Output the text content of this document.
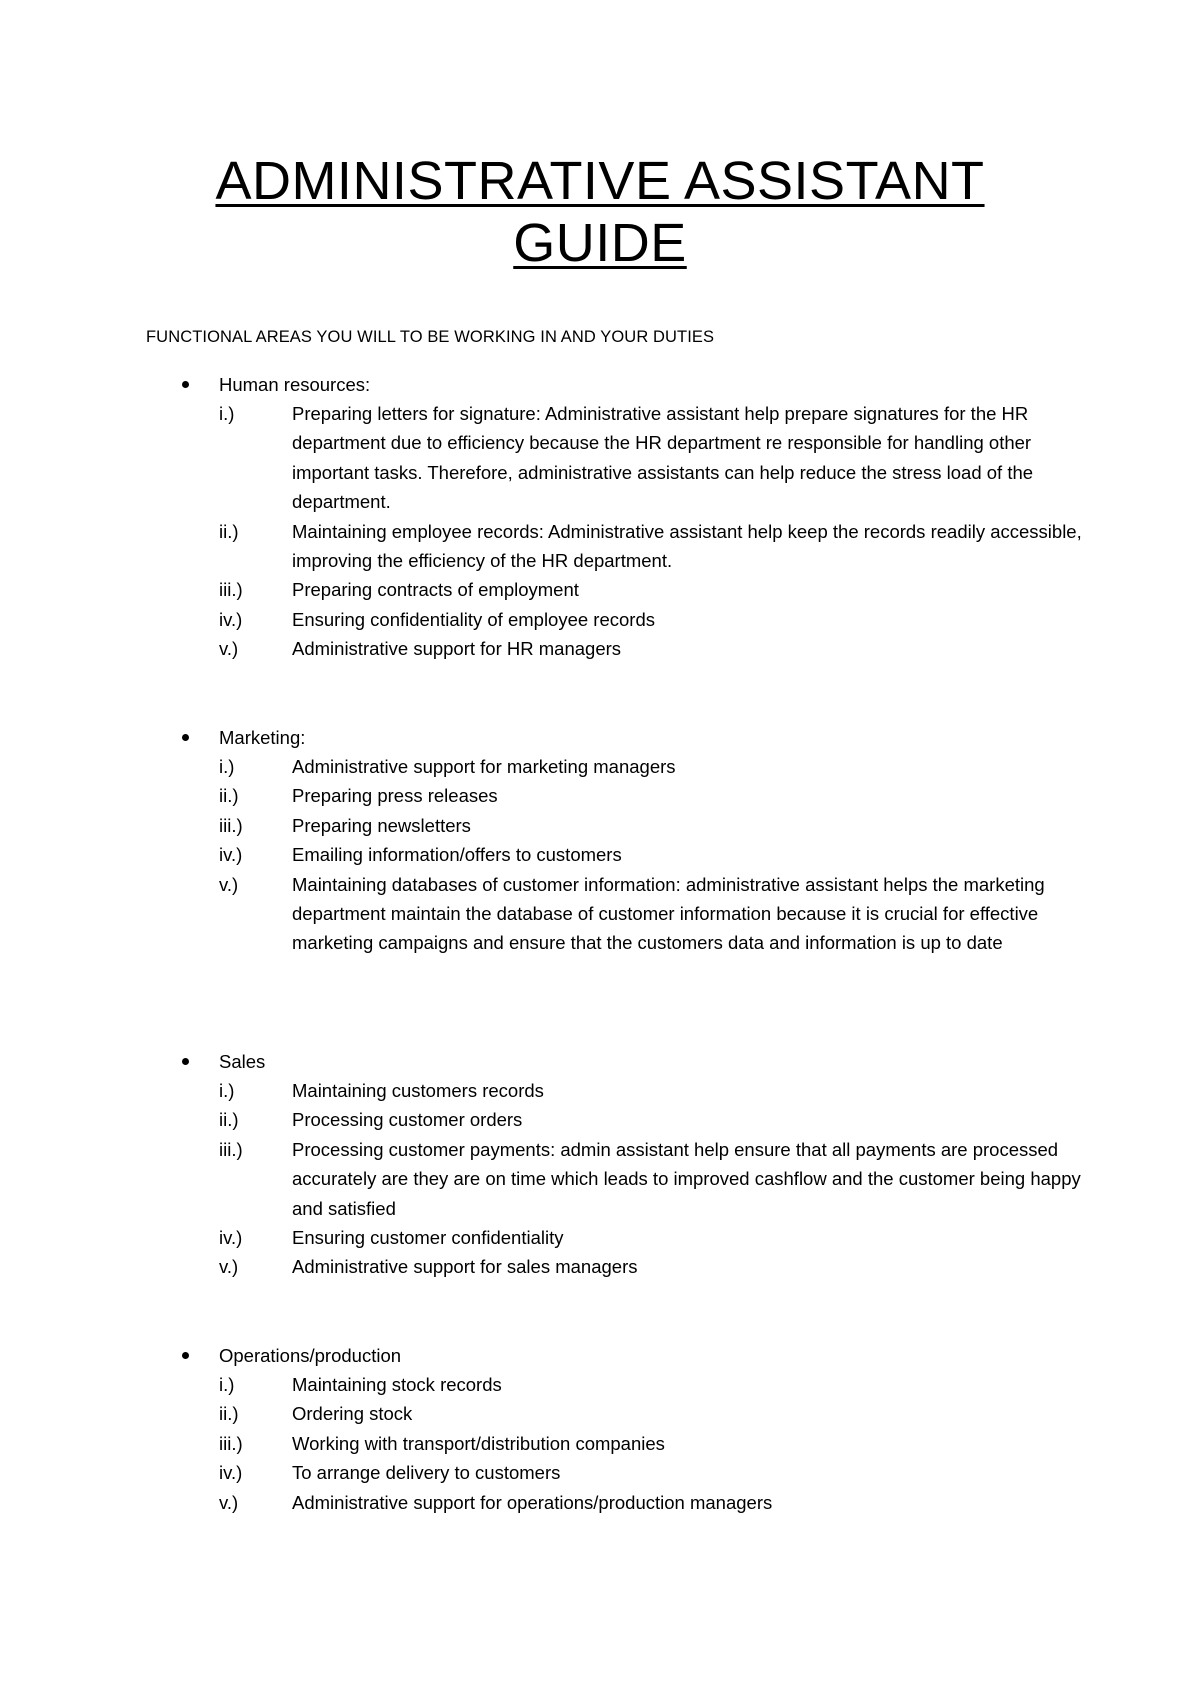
ADMINISTRATIVE ASSISTANT
GUIDE

FUNCTIONAL AREAS YOU WILL TO BE WORKING IN AND YOUR DUTIES

Human resources:
i.)	Preparing letters for signature: Administrative assistant help prepare signatures for the HR department due to efficiency because the HR department re responsible for handling other important tasks. Therefore, administrative assistants can help reduce the stress load of the department.
ii.)	Maintaining employee records: Administrative assistant help keep the records readily accessible, improving the efficiency of the HR department.
iii.)	Preparing contracts of employment
iv.)	Ensuring confidentiality of employee records
v.)	Administrative support for HR managers
Marketing:
i.)	Administrative support for marketing managers
ii.)	Preparing press releases
iii.)	Preparing newsletters
iv.)	Emailing information/offers to customers
v.)	Maintaining databases of customer information: administrative assistant helps the marketing department maintain the database of customer information because it is crucial for effective marketing campaigns and ensure that the customers data and information is up to date
Sales
i.)	Maintaining customers records
ii.)	Processing customer orders
iii.)	Processing customer payments: admin assistant help ensure that all payments are processed accurately are they are on time which leads to improved cashflow and the customer being happy and satisfied
iv.)	Ensuring customer confidentiality
v.)	Administrative support for sales managers
Operations/production
i.)	Maintaining stock records
ii.)	Ordering stock
iii.)	Working with transport/distribution companies
iv.)	To arrange delivery to customers
v.)	Administrative support for operations/production managers
